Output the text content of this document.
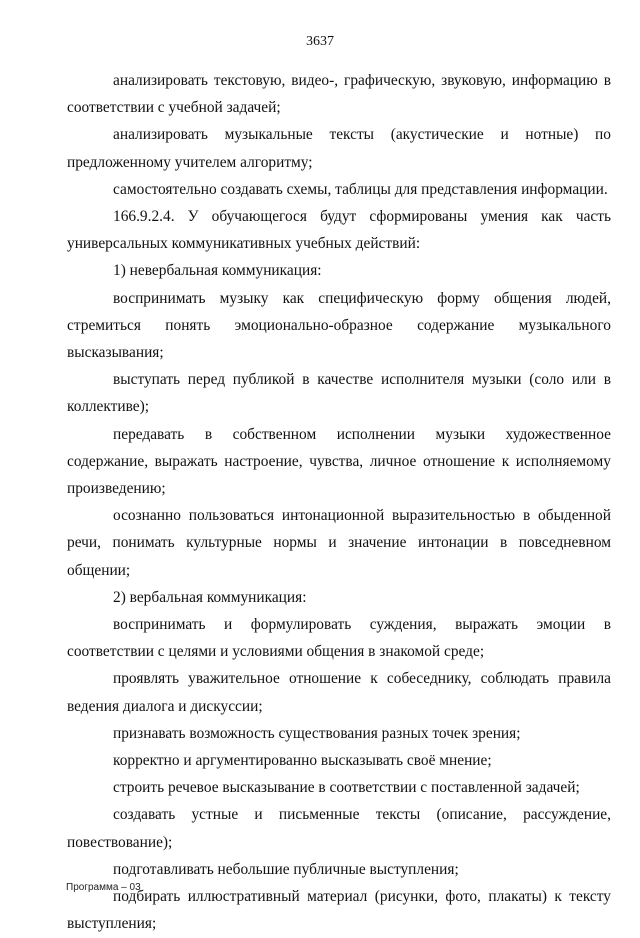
3637

анализировать текстовую, видео-, графическую, звуковую, информацию в соответствии с учебной задачей;

анализировать музыкальные тексты (акустические и нотные) по предложенному учителем алгоритму;

самостоятельно создавать схемы, таблицы для представления информации.

166.9.2.4. У обучающегося будут сформированы умения как часть универсальных коммуникативных учебных действий:

1) невербальная коммуникация:

воспринимать музыку как специфическую форму общения людей, стремиться понять эмоционально-образное содержание музыкального высказывания;

выступать перед публикой в качестве исполнителя музыки (соло или в коллективе);

передавать в собственном исполнении музыки художественное содержание, выражать настроение, чувства, личное отношение к исполняемому произведению;

осознанно пользоваться интонационной выразительностью в обыденной речи, понимать культурные нормы и значение интонации в повседневном общении;

2) вербальная коммуникация:

воспринимать и формулировать суждения, выражать эмоции в соответствии с целями и условиями общения в знакомой среде;

проявлять уважительное отношение к собеседнику, соблюдать правила ведения диалога и дискуссии;

признавать возможность существования разных точек зрения;

корректно и аргументированно высказывать своё мнение;

строить речевое высказывание в соответствии с поставленной задачей;

создавать устные и письменные тексты (описание, рассуждение, повествование);

подготавливать небольшие публичные выступления;

подбирать иллюстративный материал (рисунки, фото, плакаты) к тексту выступления;

Программа – 03
